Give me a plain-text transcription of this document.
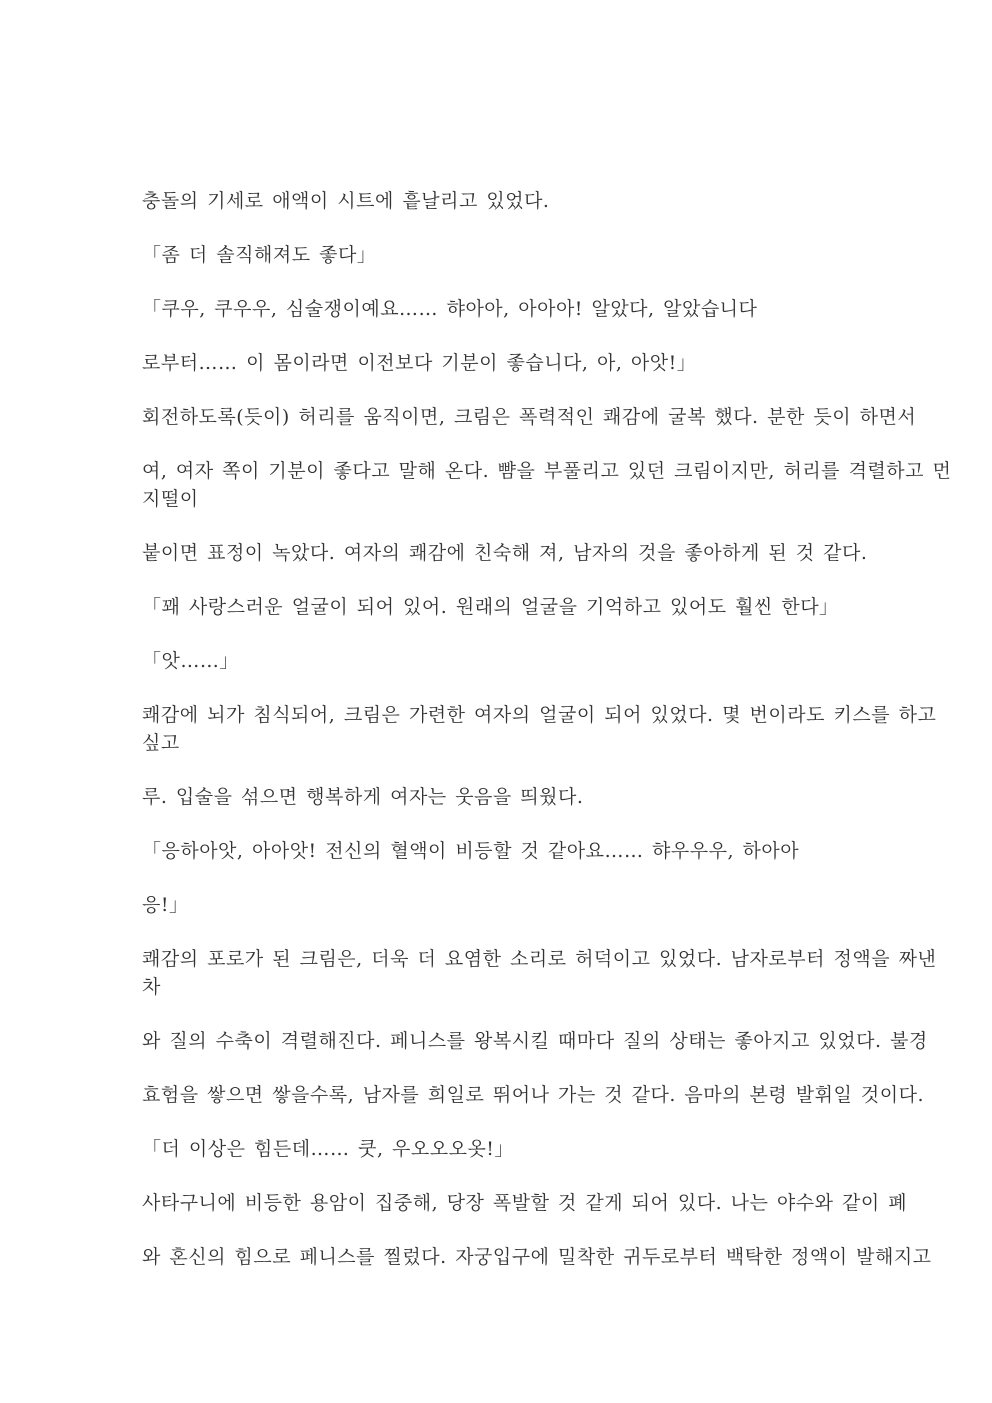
충돌의 기세로 애액이 시트에 흩날리고 있었다.
「좀 더 솔직해져도 좋다」
「쿠우, 쿠우우, 심술쟁이예요…… 햐아아, 아아아! 알았다, 알았습니다
로부터…… 이 몸이라면 이전보다 기분이 좋습니다, 아, 아앗!」
회전하도록(듯이) 허리를 움직이면, 크림은 폭력적인 쾌감에 굴복 했다. 분한 듯이 하면서
여, 여자 쪽이 기분이 좋다고 말해 온다. 뺨을 부풀리고 있던 크림이지만, 허리를 격렬하고 먼
지떨이
붙이면 표정이 녹았다. 여자의 쾌감에 친숙해 져, 남자의 것을 좋아하게 된 것 같다.
「꽤 사랑스러운 얼굴이 되어 있어. 원래의 얼굴을 기억하고 있어도 훨씬 한다」
「앗……」
쾌감에 뇌가 침식되어, 크림은 가련한 여자의 얼굴이 되어 있었다. 몇 번이라도 키스를 하고
싶고
루. 입술을 섞으면 행복하게 여자는 웃음을 띄웠다.
「응하아앗, 아아앗! 전신의 혈액이 비등할 것 같아요…… 햐우우우, 하아아
응!」
쾌감의 포로가 된 크림은, 더욱 더 요염한 소리로 허덕이고 있었다. 남자로부터 정액을 짜낸
차
와 질의 수축이 격렬해진다. 페니스를 왕복시킬 때마다 질의 상태는 좋아지고 있었다. 불경
효험을 쌓으면 쌓을수록, 남자를 희일로 뛰어나 가는 것 같다. 음마의 본령 발휘일 것이다.
「더 이상은 힘든데…… 쿳, 우오오오옷!」
사타구니에 비등한 용암이 집중해, 당장 폭발할 것 같게 되어 있다. 나는 야수와 같이 폐
와 혼신의 힘으로 페니스를 찔렀다. 자궁입구에 밀착한 귀두로부터 백탁한 정액이 발해지고
